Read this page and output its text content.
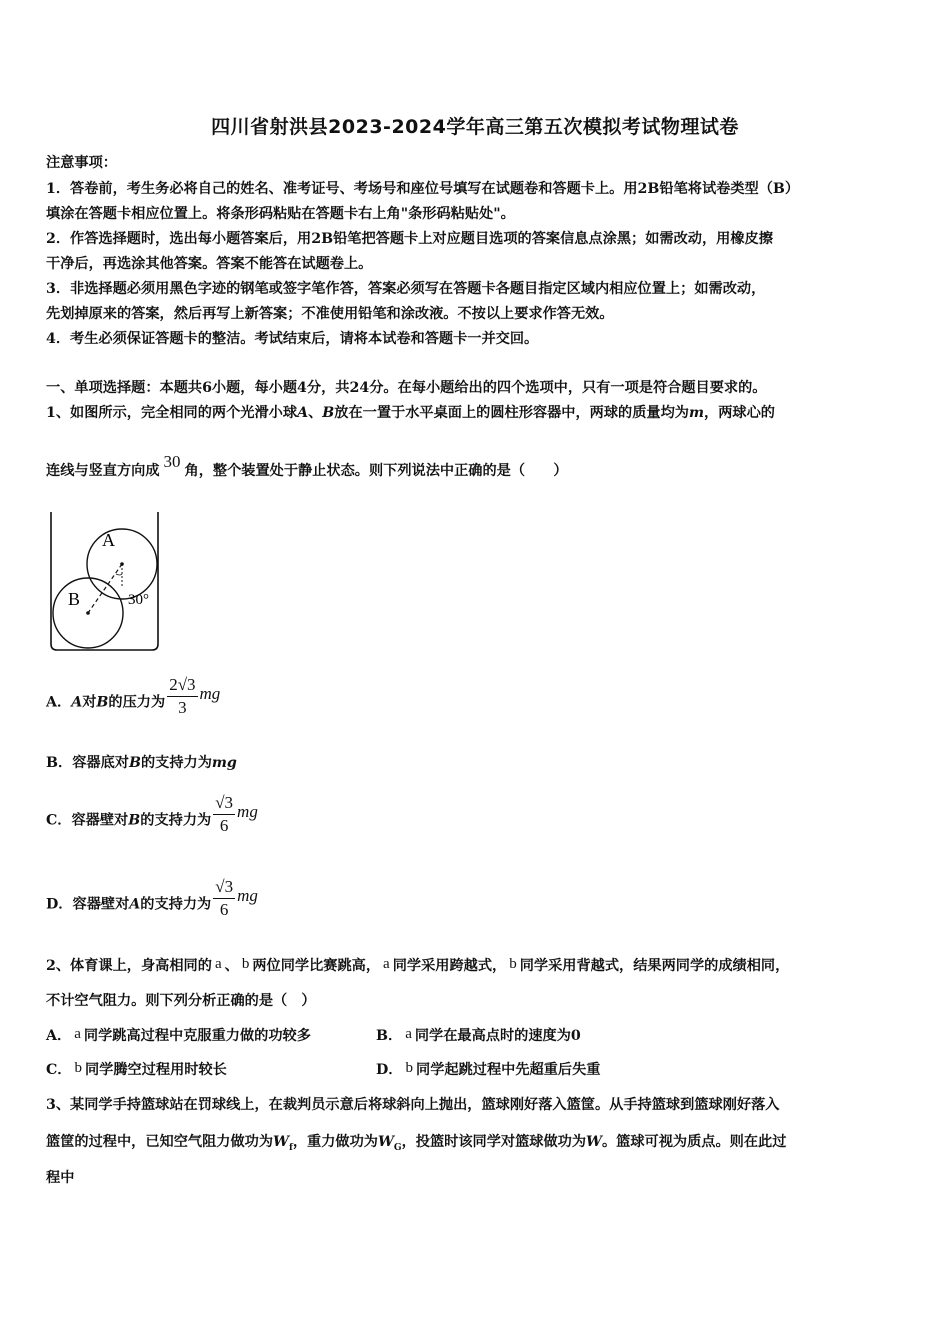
四川省射洪县2023-2024学年高三第五次模拟考试物理试卷
注意事项：
1．答卷前，考生务必将自己的姓名、准考证号、考场号和座位号填写在试题卷和答题卡上。用2B铅笔将试卷类型（B）
填涂在答题卡相应位置上。将条形码粘贴在答题卡右上角"条形码粘贴处"。
2．作答选择题时，选出每小题答案后，用2B铅笔把答题卡上对应题目选项的答案信息点涂黑；如需改动，用橡皮擦
干净后，再选涂其他答案。答案不能答在试题卷上。
3．非选择题必须用黑色字迹的钢笔或签字笔作答，答案必须写在答题卡各题目指定区域内相应位置上；如需改动，
先划掉原来的答案，然后再写上新答案；不准使用铅笔和涂改液。不按以上要求作答无效。
4．考生必须保证答题卡的整洁。考试结束后，请将本试卷和答题卡一并交回。
一、单项选择题：本题共6小题，每小题4分，共24分。在每小题给出的四个选项中，只有一项是符合题目要求的。
1、如图所示，完全相同的两个光滑小球A、B放在一置于水平桌面上的圆柱形容器中，两球的质量均为m，两球心的
连线与竖直方向成 30 角，整个装置处于静止状态。则下列说法中正确的是（　　）
A
B	30°
A．A对B的压力为 $\frac{2√3}{3}$ mg
B．容器底对B的支持力为mg
C．容器壁对B的支持力为 $\frac{√3}{6}$ mg
D．容器壁对A的支持力为 $\frac{√3}{6}$ mg
2、体育课上，身高相同的 a 、 b 两位同学比赛跳高， a 同学采用跨越式， b 同学采用背越式，结果两同学的成绩相同，
不计空气阻力。则下列分析正确的是（　）
A． a 同学跳高过程中克服重力做的功较多	B． a 同学在最高点时的速度为0
C． b 同学腾空过程用时较长	D． b 同学起跳过程中先超重后失重
3、某同学手持篮球站在罚球线上，在裁判员示意后将球斜向上抛出，篮球刚好落入篮筐。从手持篮球到篮球刚好落入
篮筐的过程中，已知空气阻力做功为$W_f$，重力做功为$W_G$，投篮时该同学对篮球做功为W。篮球可视为质点。则在此过
程中
